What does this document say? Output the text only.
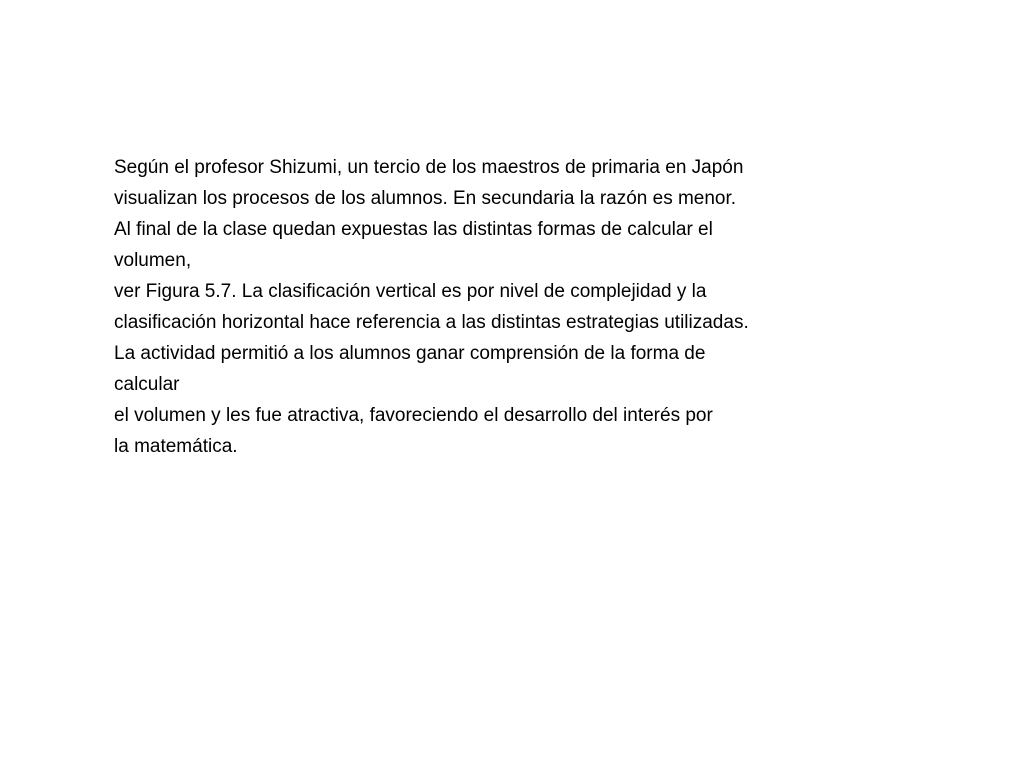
Según el profesor Shizumi, un tercio de los maestros de primaria en Japón
visualizan los procesos de los alumnos. En secundaria la razón es menor.
Al final de la clase quedan expuestas las distintas formas de calcular el
volumen,
ver Figura 5.7. La clasificación vertical es por nivel de complejidad y la
clasificación horizontal hace referencia a las distintas estrategias utilizadas.
La actividad permitió a los alumnos ganar comprensión de la forma de
calcular
el volumen y les fue atractiva, favoreciendo el desarrollo del interés por
la matemática.
